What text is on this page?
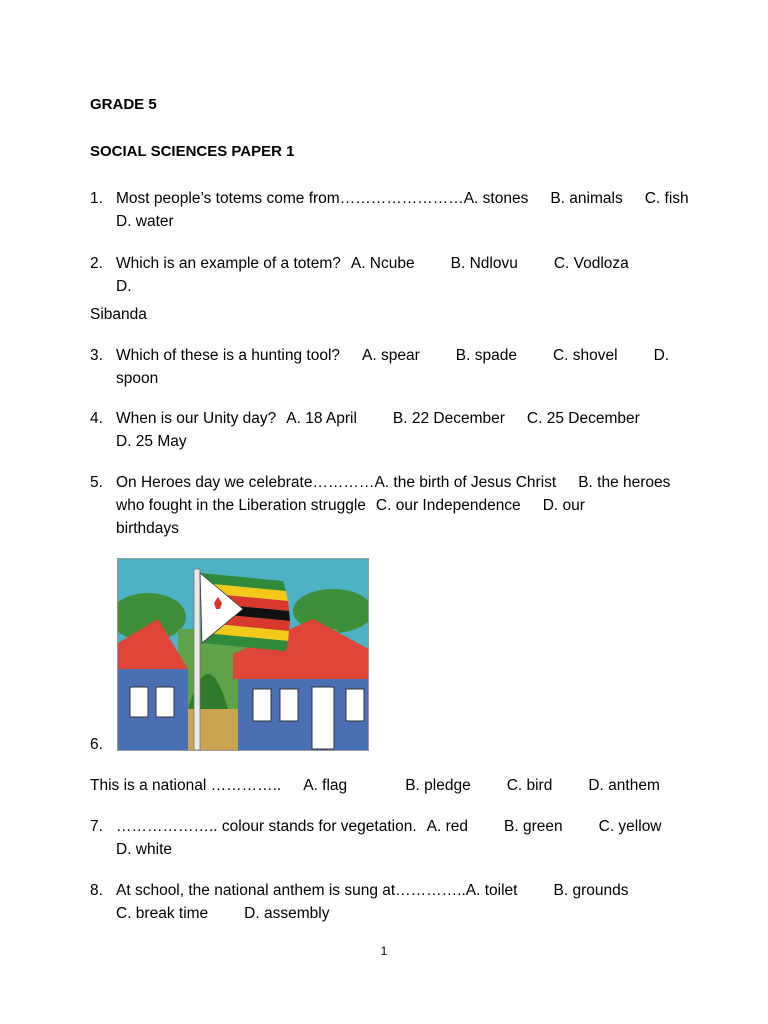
GRADE 5
SOCIAL SCIENCES PAPER 1
1. Most people’s totems come from……………………A. stones B. animals C. fish
D. water
2. Which is an example of a totem? A. Ncube B. Ndlovu C. Vodloza
D.
Sibanda
3. Which of these is a hunting tool? A. spear B. spade C. shovel D.
spoon
4. When is our Unity day? A. 18 April B. 22 December C. 25 December
D. 25 May
5. On Heroes day we celebrate…………A. the birth of Jesus Christ B. the heroes
who fought in the Liberation struggle C. our Independence D. our
birthdays
6.
This is a national ………….. A. flag	B. pledge C. bird D. anthem
7. ……………….. colour stands for vegetation. A. red B. green C. yellow
D. white
8. At school, the national anthem is sung at…………..A. toilet B. grounds
C. break time D. assembly
1
